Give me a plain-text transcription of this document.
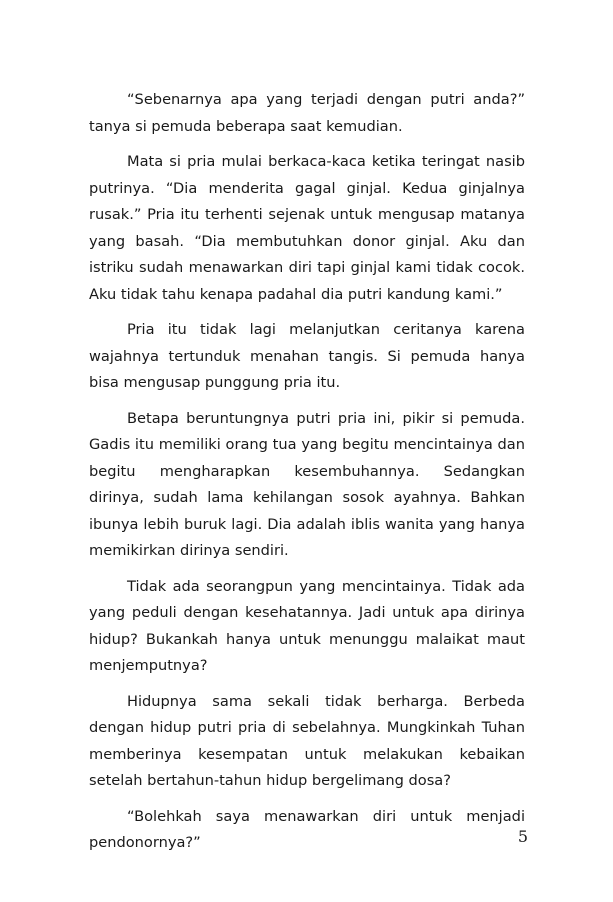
“Sebenarnya apa yang terjadi dengan putri anda?” tanya si pemuda beberapa saat kemudian.

Mata si pria mulai berkaca-kaca ketika teringat nasib putrinya. “Dia menderita gagal ginjal. Kedua ginjalnya rusak.” Pria itu terhenti sejenak untuk mengusap matanya yang basah. “Dia membutuhkan donor ginjal. Aku dan istriku sudah menawarkan diri tapi ginjal kami tidak cocok. Aku tidak tahu kenapa padahal dia putri kandung kami.”

Pria itu tidak lagi melanjutkan ceritanya karena wajahnya tertunduk menahan tangis. Si pemuda hanya bisa mengusap punggung pria itu.

Betapa beruntungnya putri pria ini, pikir si pemuda. Gadis itu memiliki orang tua yang begitu mencintainya dan begitu mengharapkan kesembuhannya. Sedangkan dirinya, sudah lama kehilangan sosok ayahnya. Bahkan ibunya lebih buruk lagi. Dia adalah iblis wanita yang hanya memikirkan dirinya sendiri.

Tidak ada seorangpun yang mencintainya. Tidak ada yang peduli dengan kesehatannya. Jadi untuk apa dirinya hidup? Bukankah hanya untuk menunggu malaikat maut menjemputnya?

Hidupnya sama sekali tidak berharga. Berbeda dengan hidup putri pria di sebelahnya. Mungkinkah Tuhan memberinya kesempatan untuk melakukan kebaikan setelah bertahun-tahun hidup bergelimang dosa?

“Bolehkah saya menawarkan diri untuk menjadi pendonornya?”	5
